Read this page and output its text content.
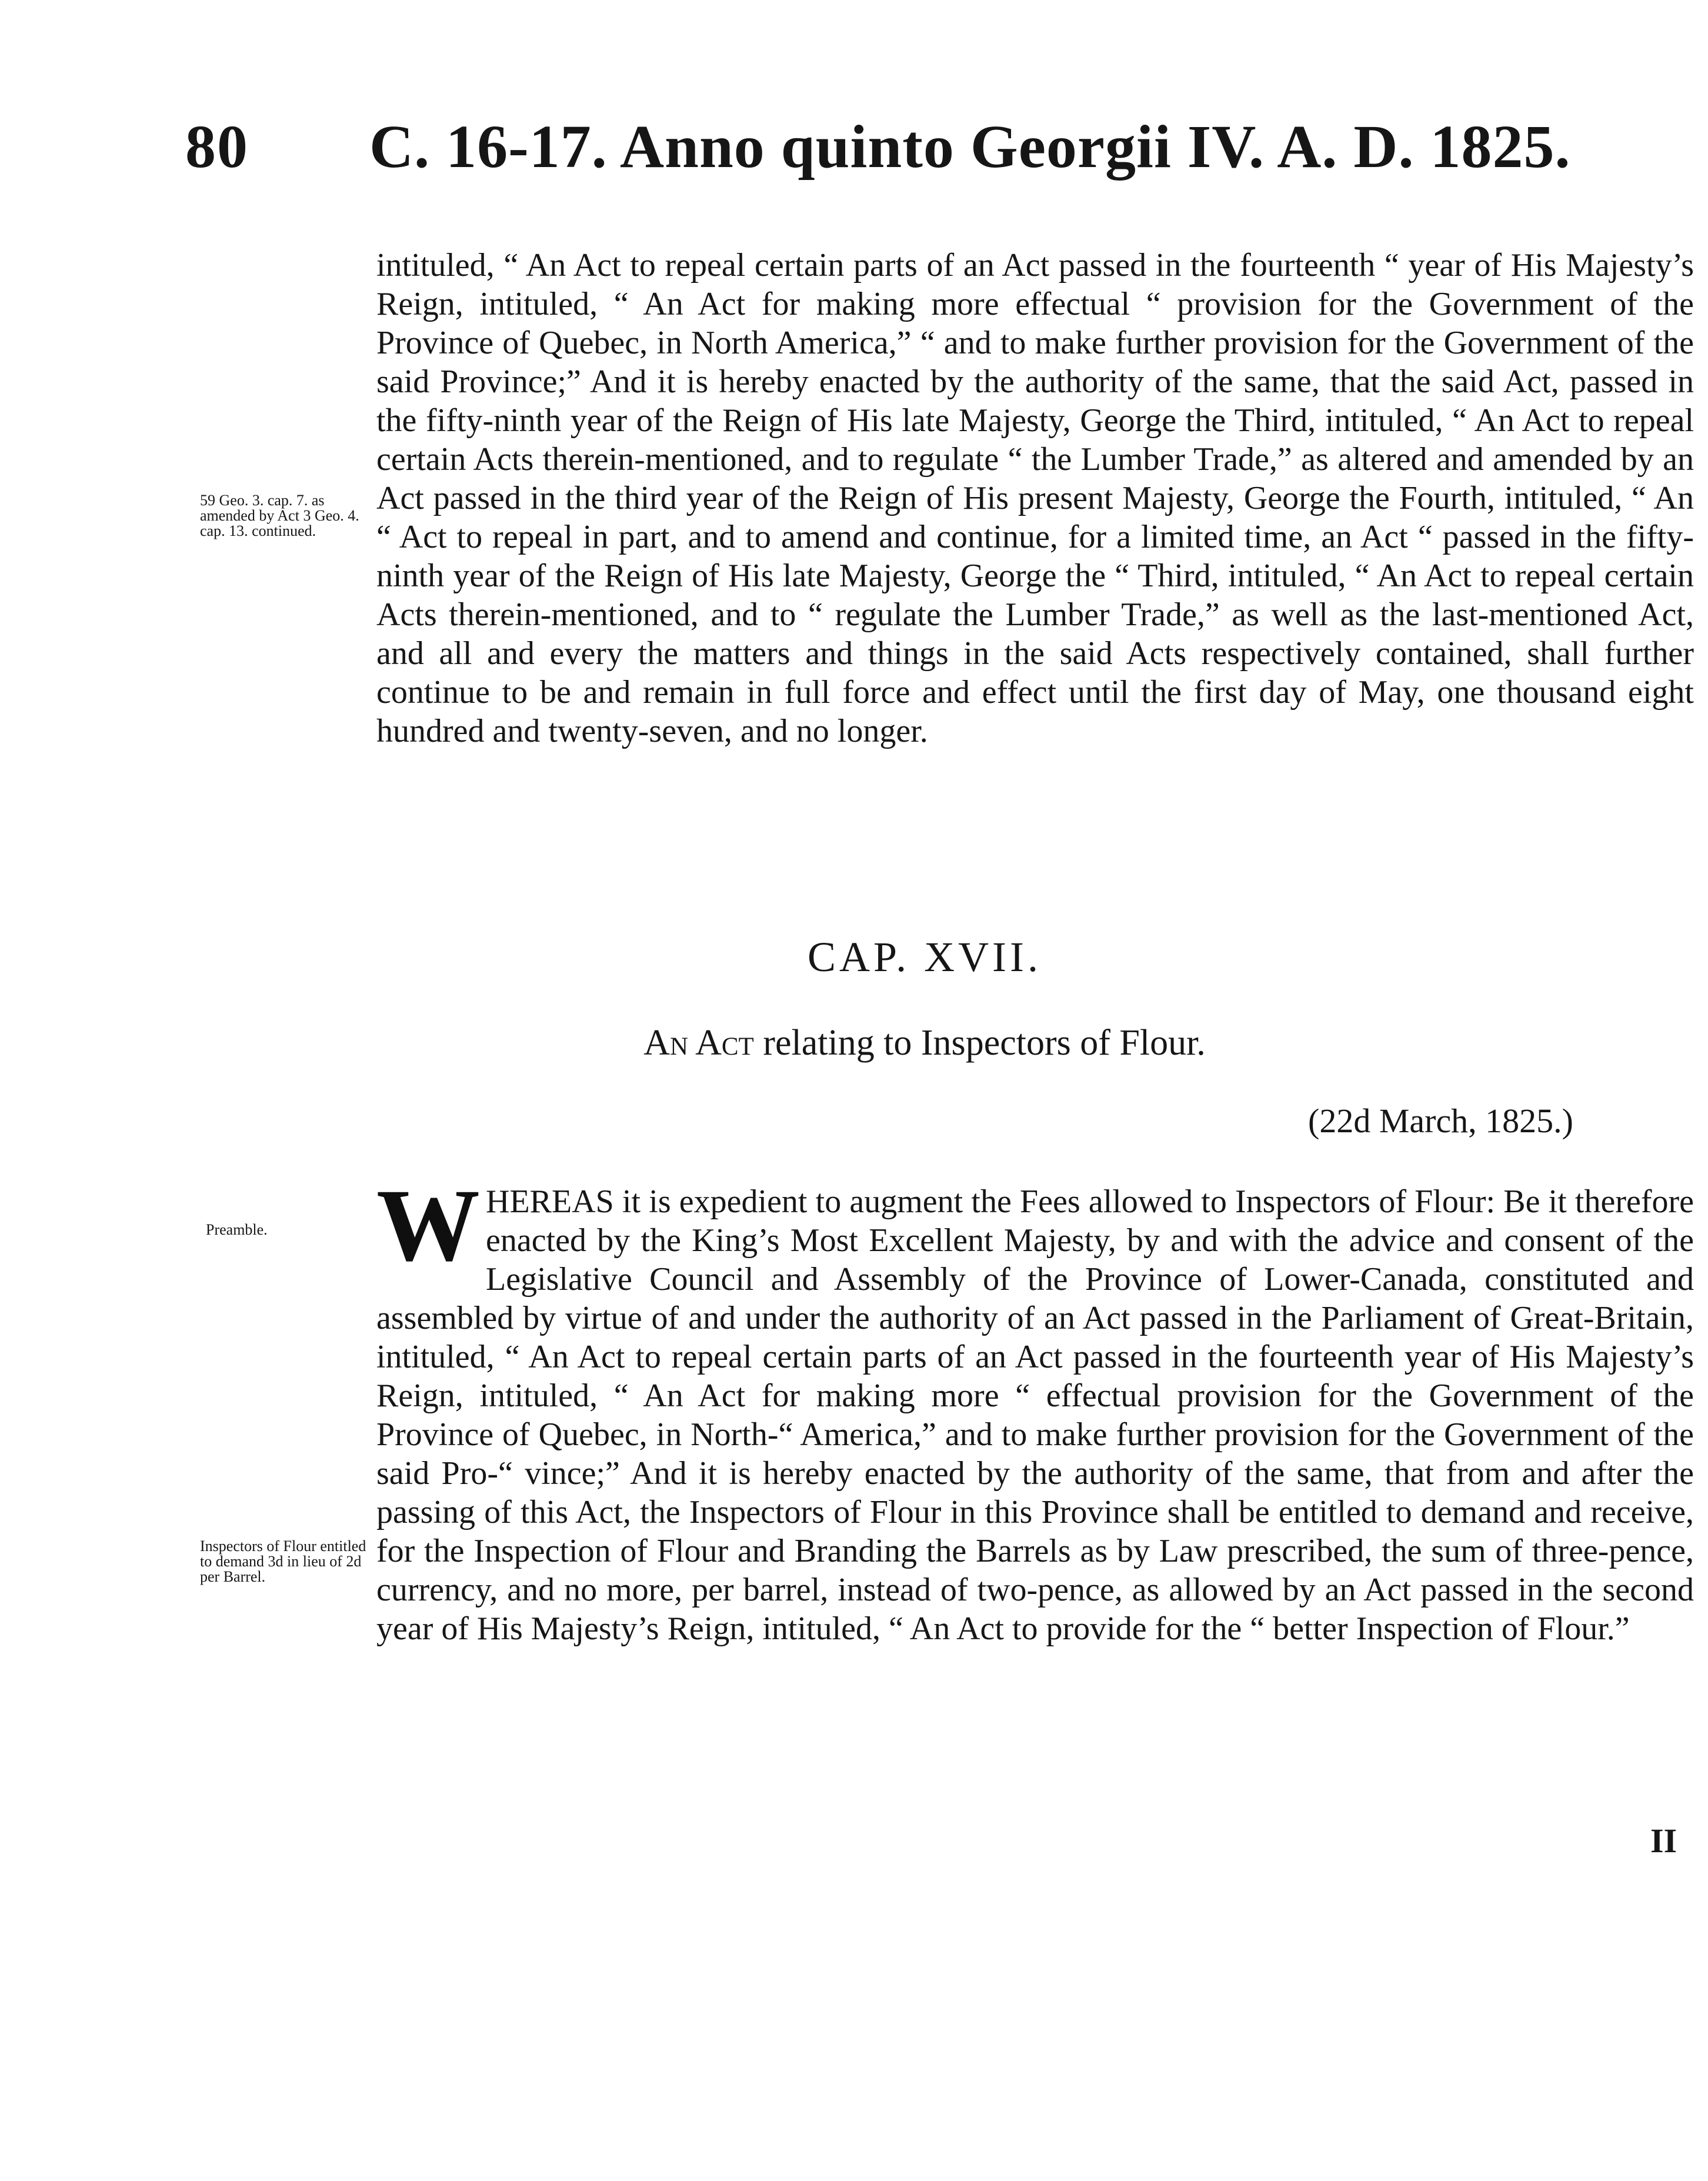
80 C. 16-17. Anno quinto Georgii IV. A. D. 1825.
59 Geo. 3. cap. 7. as amended by Act 3 Geo. 4. cap. 13. continued.

intituled, “ An Act to repeal certain parts of an Act passed in the fourteenth “ year of His Majesty’s Reign, intituled, “ An Act for making more effectual “ provision for the Government of the Province of Quebec, in North America,” “ and to make further provision for the Government of the said Province;” And it is hereby enacted by the authority of the same, that the said Act, passed in the fifty-ninth year of the Reign of His late Majesty, George the Third, intituled, “ An Act to repeal certain Acts therein-mentioned, and to regulate “ the Lumber Trade,” as altered and amended by an Act passed in the third year of the Reign of His present Majesty, George the Fourth, intituled, “ An “ Act to repeal in part, and to amend and continue, for a limited time, an Act “ passed in the fifty-ninth year of the Reign of His late Majesty, George the “ Third, intituled, “ An Act to repeal certain Acts therein-mentioned, and to “ regulate the Lumber Trade,” as well as the last-mentioned Act, and all and every the matters and things in the said Acts respectively contained, shall further continue to be and remain in full force and effect until the first day of May, one thousand eight hundred and twenty-seven, and no longer.

CAP. XVII.
An Act relating to Inspectors of Flour.
(22d March, 1825.)
Preamble.
Inspectors of Flour entitled to demand 3d in lieu of 2d per Barrel.

WHEREAS it is expedient to augment the Fees allowed to Inspectors of Flour: Be it therefore enacted by the King’s Most Excellent Majesty, by and with the advice and consent of the Legislative Council and Assembly of the Province of Lower-Canada, constituted and assembled by virtue of and under the authority of an Act passed in the Parliament of Great-Britain, intituled, “ An Act to repeal certain parts of an Act passed in the fourteenth year of His Majesty’s Reign, intituled, “ An Act for making more “ effectual provision for the Government of the Province of Quebec, in North-“ America,” and to make further provision for the Government of the said Pro-“ vince;” And it is hereby enacted by the authority of the same, that from and after the passing of this Act, the Inspectors of Flour in this Province shall be entitled to demand and receive, for the Inspection of Flour and Branding the Barrels as by Law prescribed, the sum of three-pence, currency, and no more, per barrel, instead of two-pence, as allowed by an Act passed in the second year of His Majesty’s Reign, intituled, “ An Act to provide for the “ better Inspection of Flour.”

II
